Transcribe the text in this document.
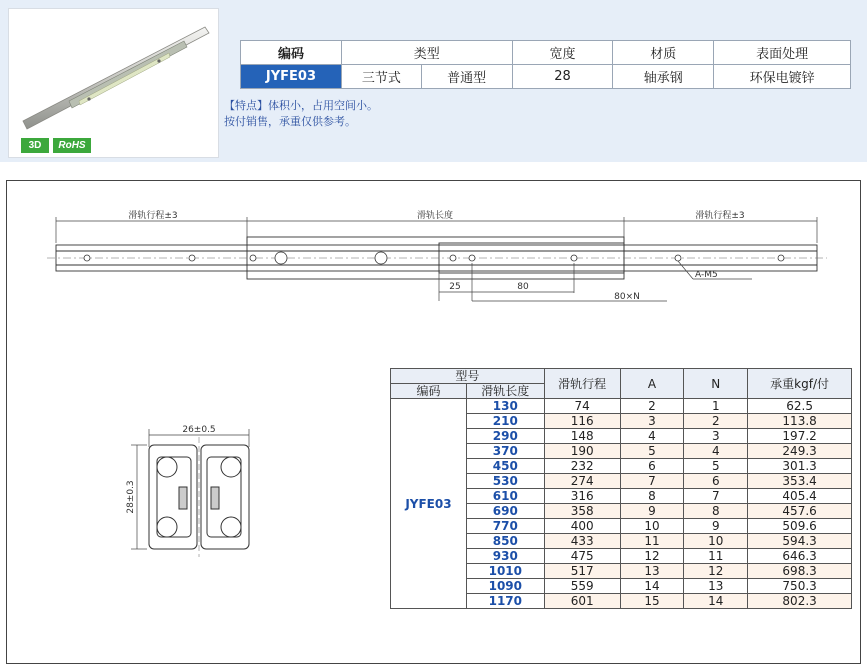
3D	RoHS
编码	类型		宽度	材质	表面处理
JYFE03	三节式	普通型	28	轴承钢	环保电镀锌
【特点】体积小，占用空间小。
按付销售，承重仅供参考。
滑轨行程±3	滑轨长度	滑轨行程±3
25	80
80×N
A-M5
26±0.5
28±0.3
型号		滑轨行程	A	N	承重kgf/付
编码	滑轨长度				
JYFE03	130	74	2	1	62.5
	210	116	3	2	113.8
	290	148	4	3	197.2
	370	190	5	4	249.3
	450	232	6	5	301.3
	530	274	7	6	353.4
	610	316	8	7	405.4
	690	358	9	8	457.6
	770	400	10	9	509.6
	850	433	11	10	594.3
	930	475	12	11	646.3
	1010	517	13	12	698.3
	1090	559	14	13	750.3
	1170	601	15	14	802.3
